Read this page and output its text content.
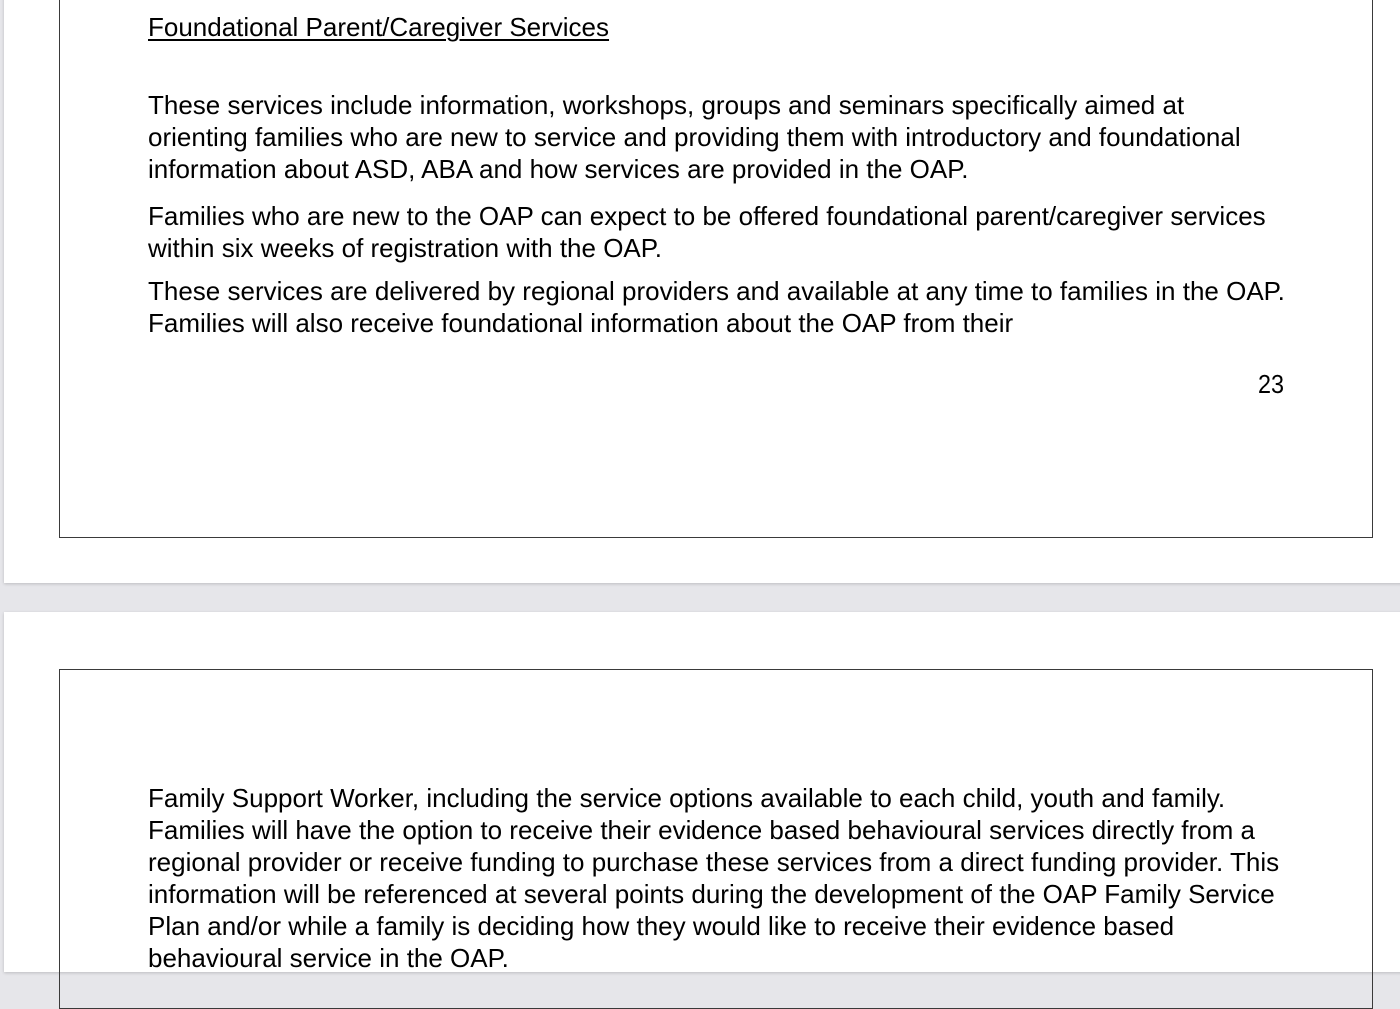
Foundational Parent/Caregiver Services

These services include information, workshops, groups and seminars specifically aimed at orienting families who are new to service and providing them with introductory and foundational information about ASD, ABA and how services are provided in the OAP.

Families who are new to the OAP can expect to be offered foundational parent/caregiver services within six weeks of registration with the OAP.

These services are delivered by regional providers and available at any time to families in the OAP. Families will also receive foundational information about the OAP from their

23

Family Support Worker, including the service options available to each child, youth and family. Families will have the option to receive their evidence based behavioural services directly from a regional provider or receive funding to purchase these services from a direct funding provider. This information will be referenced at several points during the development of the OAP Family Service Plan and/or while a family is deciding how they would like to receive their evidence based behavioural service in the OAP.
